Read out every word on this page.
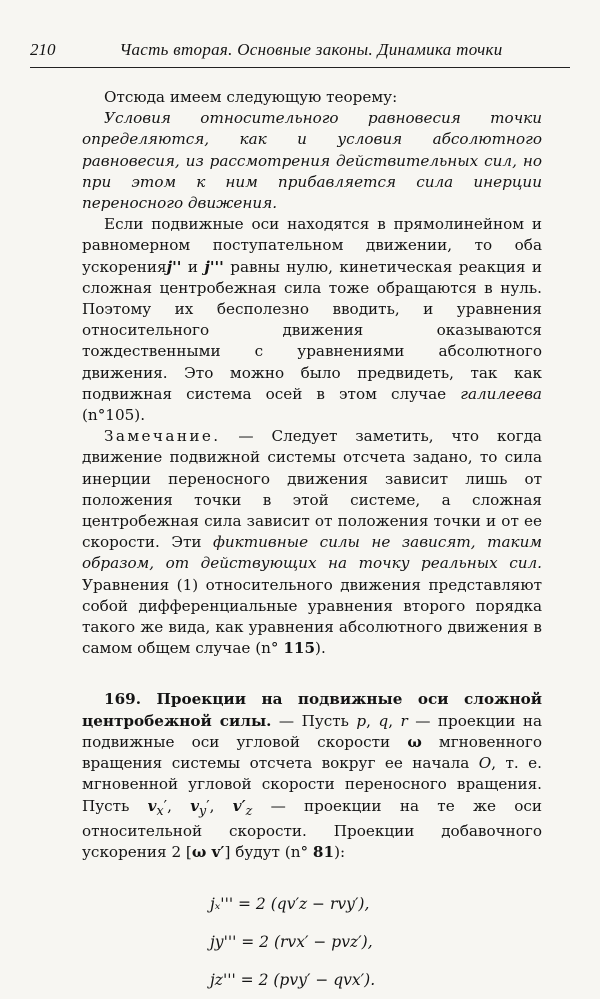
210	Часть вторая. Основные законы. Динамика точки

Отсюда имеем следующую теорему:

Условия относительного равновесия точки определяются, как и условия абсолютного равновесия, из рассмотрения действительных сил, но при этом к ним прибавляется сила инерции переносного движения.

Если подвижные оси находятся в прямолинейном и равномерном поступательном движении, то оба ускоренияj'' и j''' равны нулю, кинетическая реакция и сложная центробежная сила тоже обращаются в нуль. Поэтому их бесполезно вводить, и уравнения относительного движения оказываются тождественными с уравнениями абсолютного движения. Это можно было предвидеть, так как подвижная система осей в этом случае галилеева (n°105).

Замечание. — Следует заметить, что когда движение подвижной системы отсчета задано, то сила инерции переносного движения зависит лишь от положения точки в этой системе, а сложная центробежная сила зависит от положения точки и от ее скорости. Эти фиктивные силы не зависят, таким образом, от действующих на точку реальных сил. Уравнения (1) относительного движения представляют собой дифференциальные уравнения второго порядка такого же вида, как уравнения абсолютного движения в самом общем случае (n° 115).

169. Проекции на подвижные оси сложной центробежной силы. — Пусть p, q, r — проекции на подвижные оси угловой скорости ω мгновенного вращения системы отсчета вокруг ее начала O, т. е. мгновенной угловой скорости переносного вращения. Пусть $v_x'$, $v_y'$, $v'_z$ — проекции на те же оси относительной скорости. Проекции добавочного ускорения 2 [ω v′] будут (n° 81):

jₓ''' = 2 (qv′z − rvy′),
jy''' = 2 (rvx′ − pvz′),
jz''' = 2 (pvy′ − qvx′).
